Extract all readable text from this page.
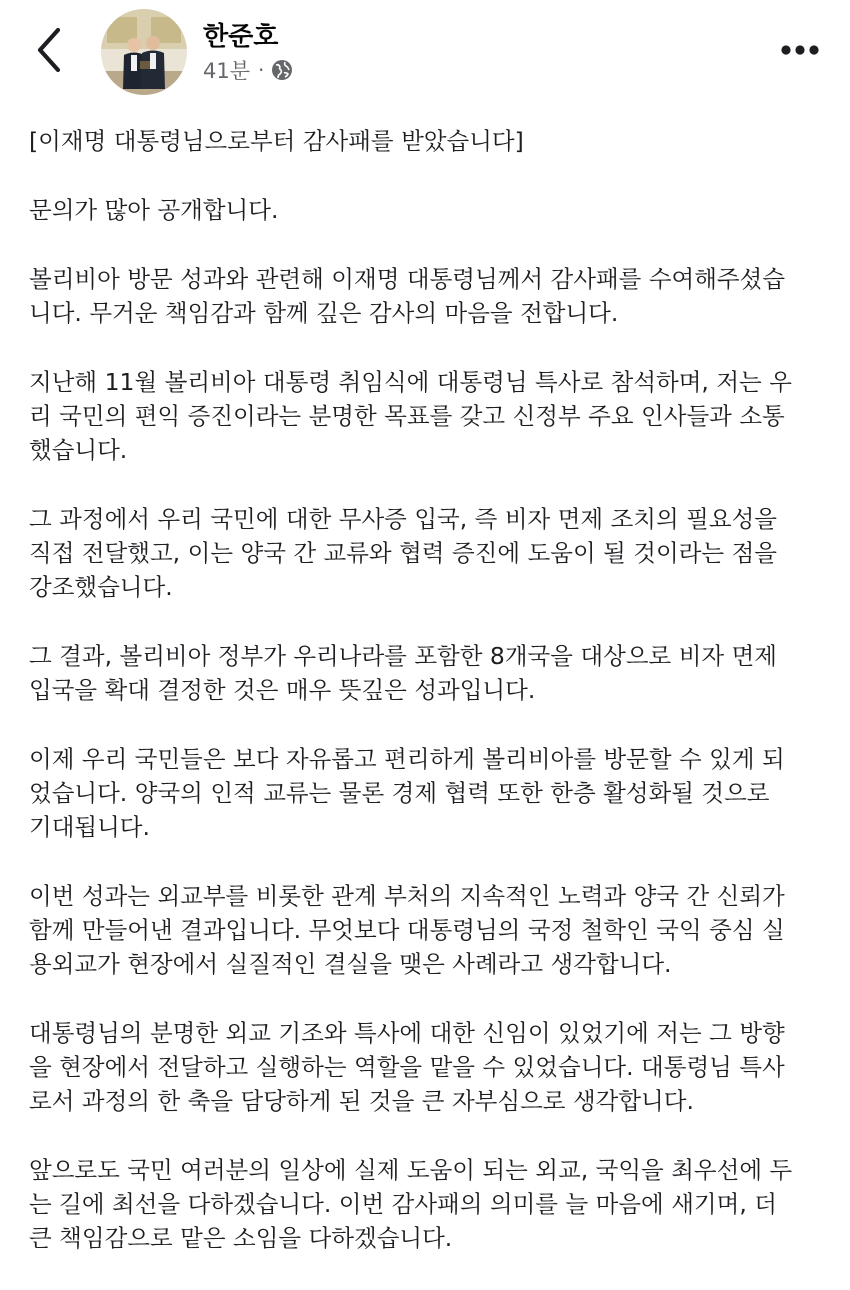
한준호
41분 ·

[이재명 대통령님으로부터 감사패를 받았습니다]

문의가 많아 공개합니다.

볼리비아 방문 성과와 관련해 이재명 대통령님께서 감사패를 수여해주셨습
니다. 무거운 책임감과 함께 깊은 감사의 마음을 전합니다.

지난해 11월 볼리비아 대통령 취임식에 대통령님 특사로 참석하며, 저는 우
리 국민의 편익 증진이라는 분명한 목표를 갖고 신정부 주요 인사들과 소통
했습니다.

그 과정에서 우리 국민에 대한 무사증 입국, 즉 비자 면제 조치의 필요성을
직접 전달했고, 이는 양국 간 교류와 협력 증진에 도움이 될 것이라는 점을
강조했습니다.

그 결과, 볼리비아 정부가 우리나라를 포함한 8개국을 대상으로 비자 면제
입국을 확대 결정한 것은 매우 뜻깊은 성과입니다.

이제 우리 국민들은 보다 자유롭고 편리하게 볼리비아를 방문할 수 있게 되
었습니다. 양국의 인적 교류는 물론 경제 협력 또한 한층 활성화될 것으로
기대됩니다.

이번 성과는 외교부를 비롯한 관계 부처의 지속적인 노력과 양국 간 신뢰가
함께 만들어낸 결과입니다. 무엇보다 대통령님의 국정 철학인 국익 중심 실
용외교가 현장에서 실질적인 결실을 맺은 사례라고 생각합니다.

대통령님의 분명한 외교 기조와 특사에 대한 신임이 있었기에 저는 그 방향
을 현장에서 전달하고 실행하는 역할을 맡을 수 있었습니다. 대통령님 특사
로서 과정의 한 축을 담당하게 된 것을 큰 자부심으로 생각합니다.

앞으로도 국민 여러분의 일상에 실제 도움이 되는 외교, 국익을 최우선에 두
는 길에 최선을 다하겠습니다. 이번 감사패의 의미를 늘 마음에 새기며, 더
큰 책임감으로 맡은 소임을 다하겠습니다.
